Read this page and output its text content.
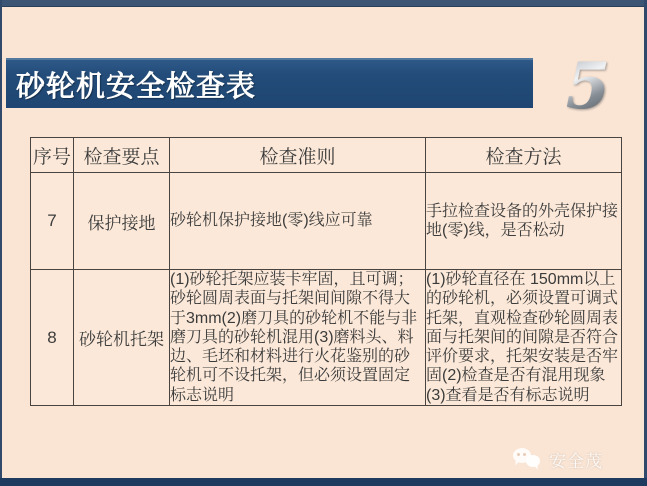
砂轮机安全检查表	5
序号	检查要点	检查准则	检查方法
7	保护接地	砂轮机保护接地(零)线应可靠	手拉检查设备的外壳保护接地(零)线，是否松动
8	砂轮机托架	(1)砂轮托架应装卡牢固，且可调；砂轮圆周表面与托架间间隙不得大于3mm(2)磨刀具的砂轮机不能与非磨刀具的砂轮机混用(3)磨料头、料边、毛坯和材料进行火花鉴别的砂轮机可不设托架，但必须设置固定标志说明	(1)砂轮直径在 150mm以上的砂轮机，必须设置可调式托架，直观检查砂轮圆周表面与托架间的间隙是否符合评价要求，托架安装是否牢固(2)检查是否有混用现象(3)查看是否有标志说明
安全茂
